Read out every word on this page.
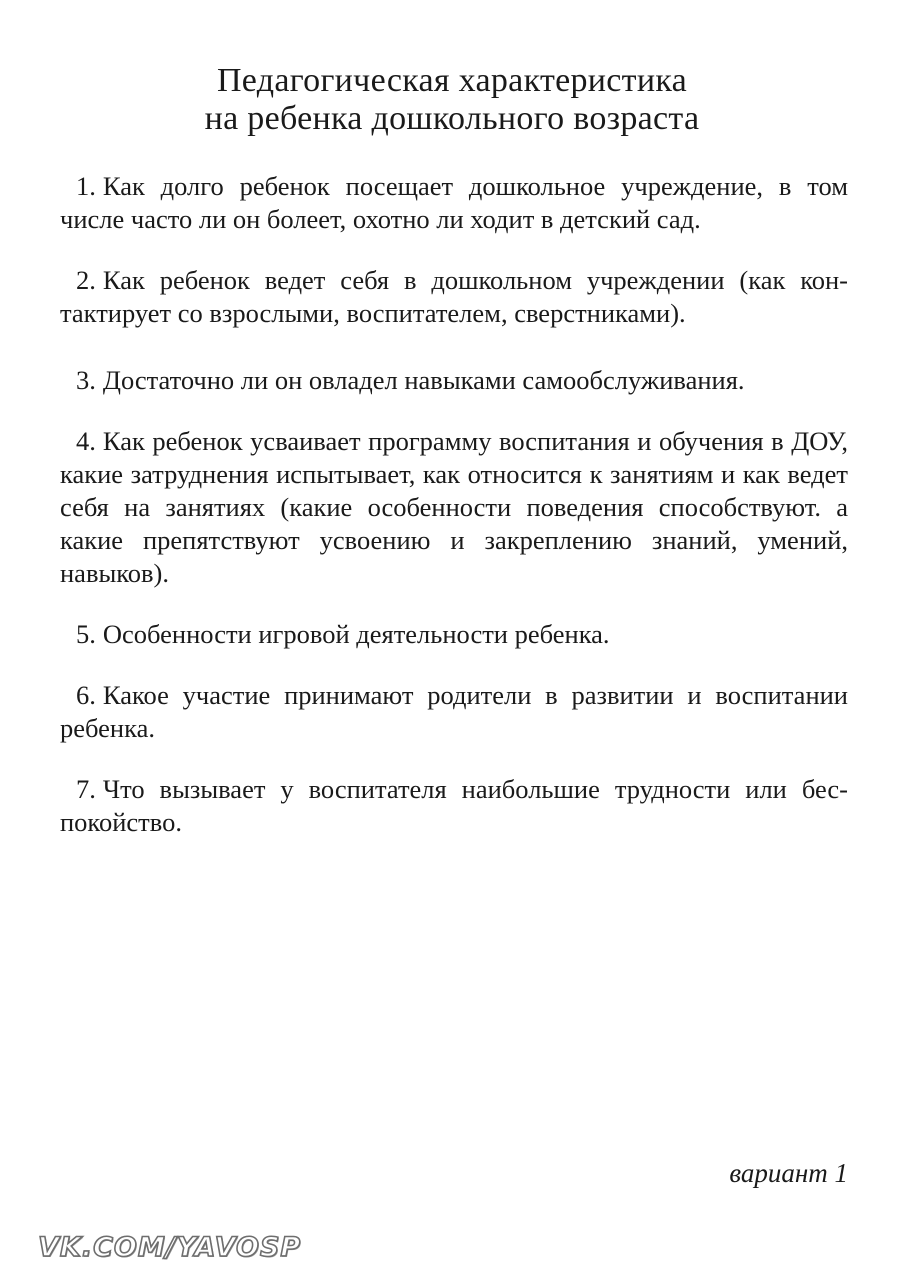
Педагогическая характеристика
на ребенка дошкольного возраста

1. Как долго ребенок посещает дошкольное учреждение, в том числе часто ли он болеет, охотно ли ходит в детский сад.

2. Как ребенок ведет себя в дошкольном учреждении (как контактирует со взрослыми, воспитателем, сверстниками).

3. Достаточно ли он овладел навыками самообслуживания.

4. Как ребенок усваивает программу воспитания и обучения в ДОУ, какие затруднения испытывает, как относится к занятиям и как ведет себя на занятиях (какие особенности поведения способствуют. а какие препятствуют усвоению и закреплению знаний, умений, навыков).

5. Особенности игровой деятельности ребенка.

6. Какое участие принимают родители в развитии и воспитании ребенка.

7. Что вызывает у воспитателя наибольшие трудности или беспокойство.

вариант 1
VK.COM/YAVOSP
